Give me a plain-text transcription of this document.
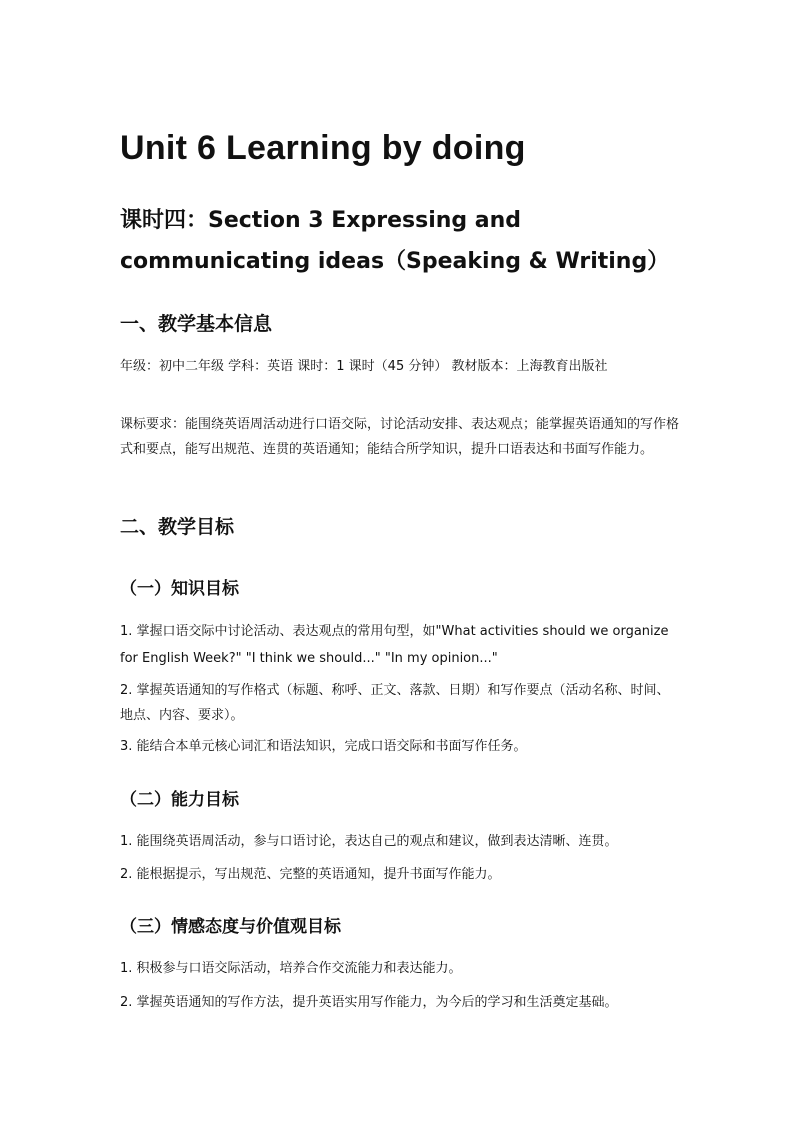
Unit 6 Learning by doing

课时四：Section 3 Expressing and communicating ideas（Speaking & Writing）

一、教学基本信息

年级：初中二年级 学科：英语 课时：1 课时（45 分钟） 教材版本：上海教育出版社

课标要求：能围绕英语周活动进行口语交际，讨论活动安排、表达观点；能掌握英语通知的写作格式和要点，能写出规范、连贯的英语通知；能结合所学知识，提升口语表达和书面写作能力。

二、教学目标

（一）知识目标

1. 掌握口语交际中讨论活动、表达观点的常用句型，如"What activities should we organize for English Week?" "I think we should..." "In my opinion..."

2. 掌握英语通知的写作格式（标题、称呼、正文、落款、日期）和写作要点（活动名称、时间、地点、内容、要求）。

3. 能结合本单元核心词汇和语法知识，完成口语交际和书面写作任务。

（二）能力目标

1. 能围绕英语周活动，参与口语讨论，表达自己的观点和建议，做到表达清晰、连贯。

2. 能根据提示，写出规范、完整的英语通知，提升书面写作能力。

（三）情感态度与价值观目标

1. 积极参与口语交际活动，培养合作交流能力和表达能力。

2. 掌握英语通知的写作方法，提升英语实用写作能力，为今后的学习和生活奠定基础。
